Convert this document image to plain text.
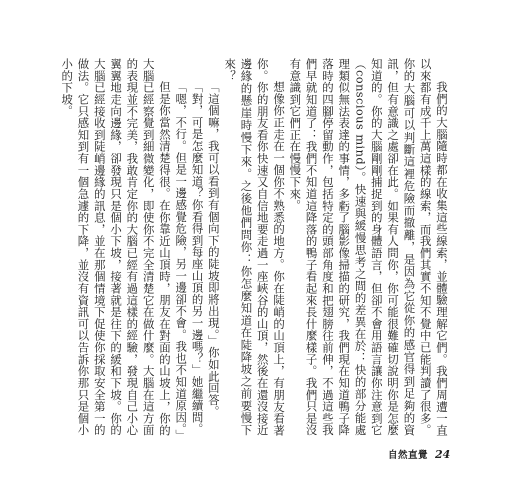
我們的大腦隨時都在收集這些線索，並體驗理解它們。我們周遭一直以來都有成千上萬這樣的線索，而我們其實不知不覺中已能判讀了很多。你的大腦可以判斷這裡危險而撤離，是因為它從你的感官得到足夠的資訊，但有意識之處卻在此。如果有人問你，你可能很難確切說明你是怎麼知道的。你的大腦剛剛捕捉到的身體語言，但卻不會用語言讓你注意到它（conscious mind）。快速與緩慢思考之間的差異在於：快的部分能處理類似無法表達的事情，多虧了腦影像掃描的研究，我們現在知道鴨子降落時的四腳停留動作，包括特定的頭部角度和把翅膀往前伸，不過這些我們早就知道了：我們不知道這降落的鴨子看起來長什麼樣子。我們只是沒有意識到它們正在慢慢下來。

想像你正走在一個你不熟悉的地方。你在陡峭的山頂上，有朋友看著你。你的朋友看你快速又自信地要走過一座峽谷的山頂，然後在還沒接近邊緣的懸崖時慢下來。之後他們問你：你怎麼知道在陡降坡之前要慢下來？

「這個嘛，我可以看到有個向下的陡坡即將出現。」你如此回答。

「對，可是怎麼知道？你看得到每座山頂的另一邊嗎？」她繼續問。

「嗯，不行。但是一邊感覺危險，另一邊卻不會。我也不知道原因。」

但是你當然清楚得很。在你靠近山頂時，朋友在對面的山坡上，你的大腦已經察覺到細微變化，即使你不完全清楚它在做什麼。大腦在這方面的表現並不完美，我敢肯定你的大腦已經有過這樣的經驗，發現自己小心翼翼地走向邊緣，卻發現只是個小下坡，接著就是往下的緩和下坡。你的大腦已經接收到陡峭邊緣的訊息，並在那個情境下促使你採取安全第一的做法。它只感知到有一個急遽的下降，並沒有資訊可以告訴你那只是個小小的下坡。

自然直覺 24
